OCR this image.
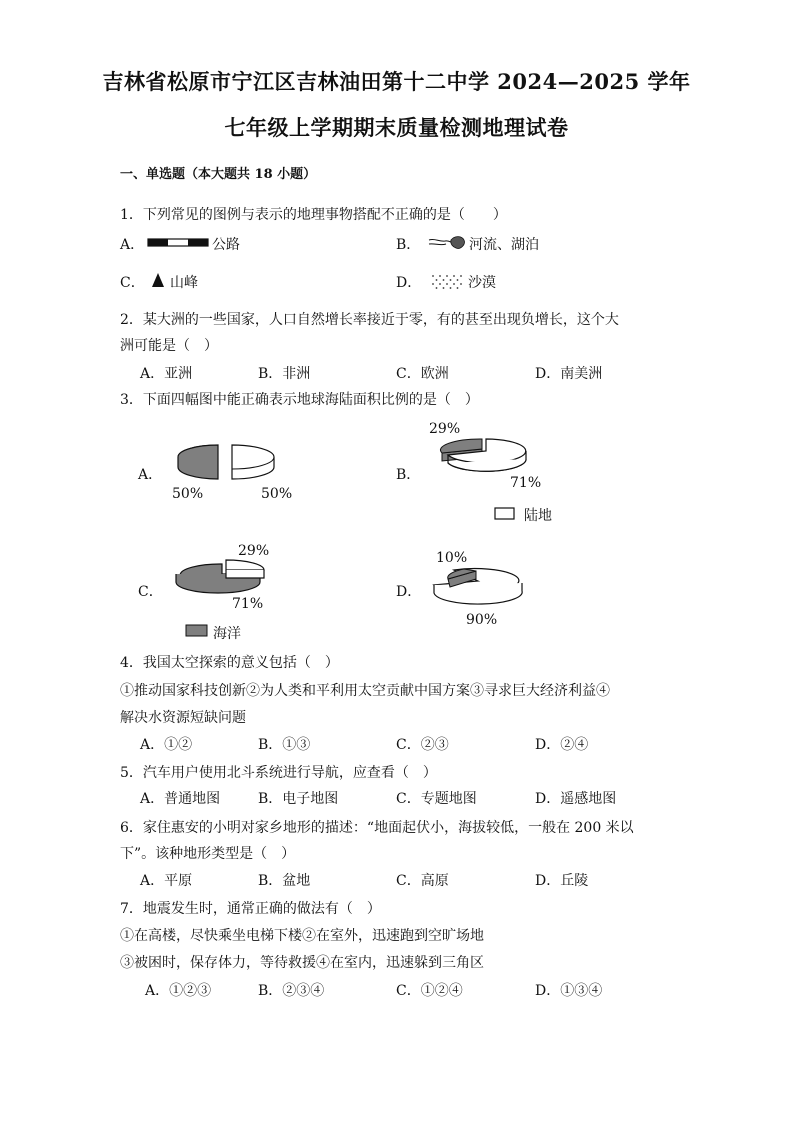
吉林省松原市宁江区吉林油田第十二中学 2024—2025 学年
七年级上学期期末质量检测地理试卷
一、单选题（本大题共 18 小题）
1．下列常见的图例与表示的地理事物搭配不正确的是（　　）
A．	公路	B．	河流、湖泊
C． 山峰	D．	沙漠
2．某大洲的一些国家，人口自然增长率接近于零，有的甚至出现负增长，这个大
洲可能是（　）
A．亚洲	B．非洲	C．欧洲	D．南美洲
3．下面四幅图中能正确表示地球海陆面积比例的是（　）
A．
50%	50%
B．
29%
71%
陆地
C．
29%
71%
海洋
D．
10%
90%
4．我国太空探索的意义包括（　）
①推动国家科技创新②为人类和平利用太空贡献中国方案③寻求巨大经济利益④
解决水资源短缺问题
A．①②	B．①③	C．②③	D．②④
5．汽车用户使用北斗系统进行导航，应查看（　）
A．普通地图	B．电子地图	C．专题地图	D．遥感地图
6．家住惠安的小明对家乡地形的描述：“地面起伏小，海拔较低，一般在 200 米以
下”。该种地形类型是（　）
A．平原	B．盆地	C．高原	D．丘陵
7．地震发生时，通常正确的做法有（　）
①在高楼，尽快乘坐电梯下楼②在室外，迅速跑到空旷场地
③被困时，保存体力，等待救援④在室内，迅速躲到三角区
A．①②③	B．②③④	C．①②④	D．①③④
